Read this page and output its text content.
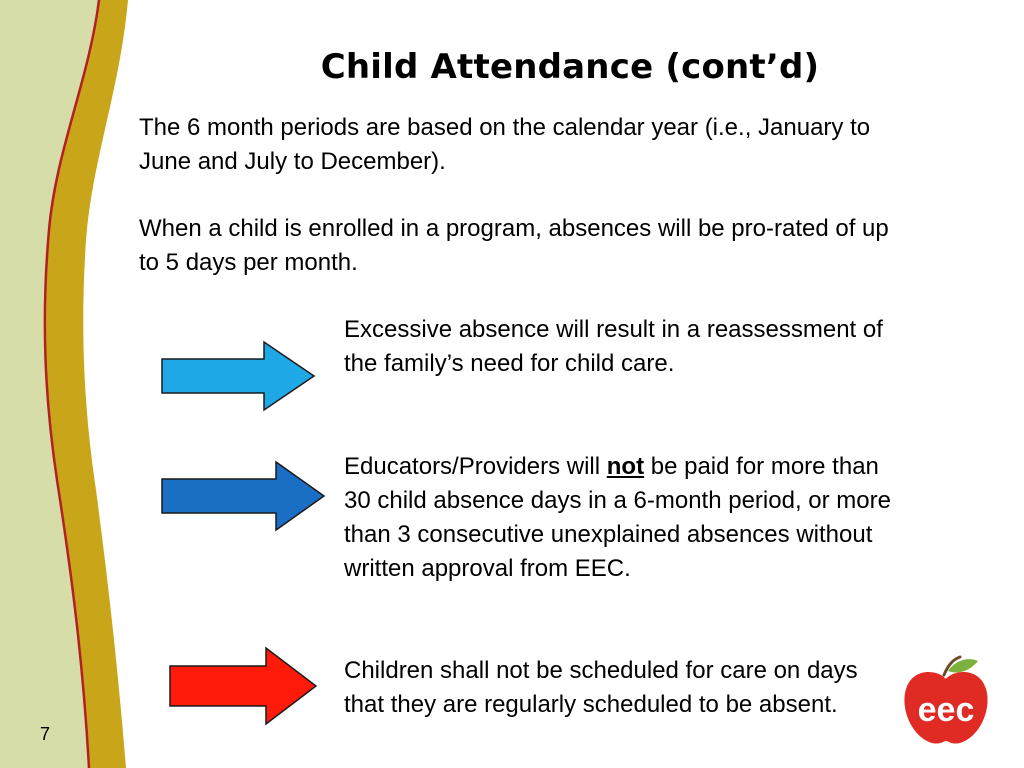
Child Attendance (cont’d)

The 6 month periods are based on the calendar year (i.e., January to June and July to December).

When a child is enrolled in a program, absences will be pro-rated of up to 5 days per month.

Excessive absence will result in a reassessment of the family’s need for child care.

Educators/Providers will not be paid for more than 30 child absence days in a 6-month period, or more than 3 consecutive unexplained absences without written approval from EEC.

Children shall not be scheduled for care on days that they are regularly scheduled to be absent.

7
eec
